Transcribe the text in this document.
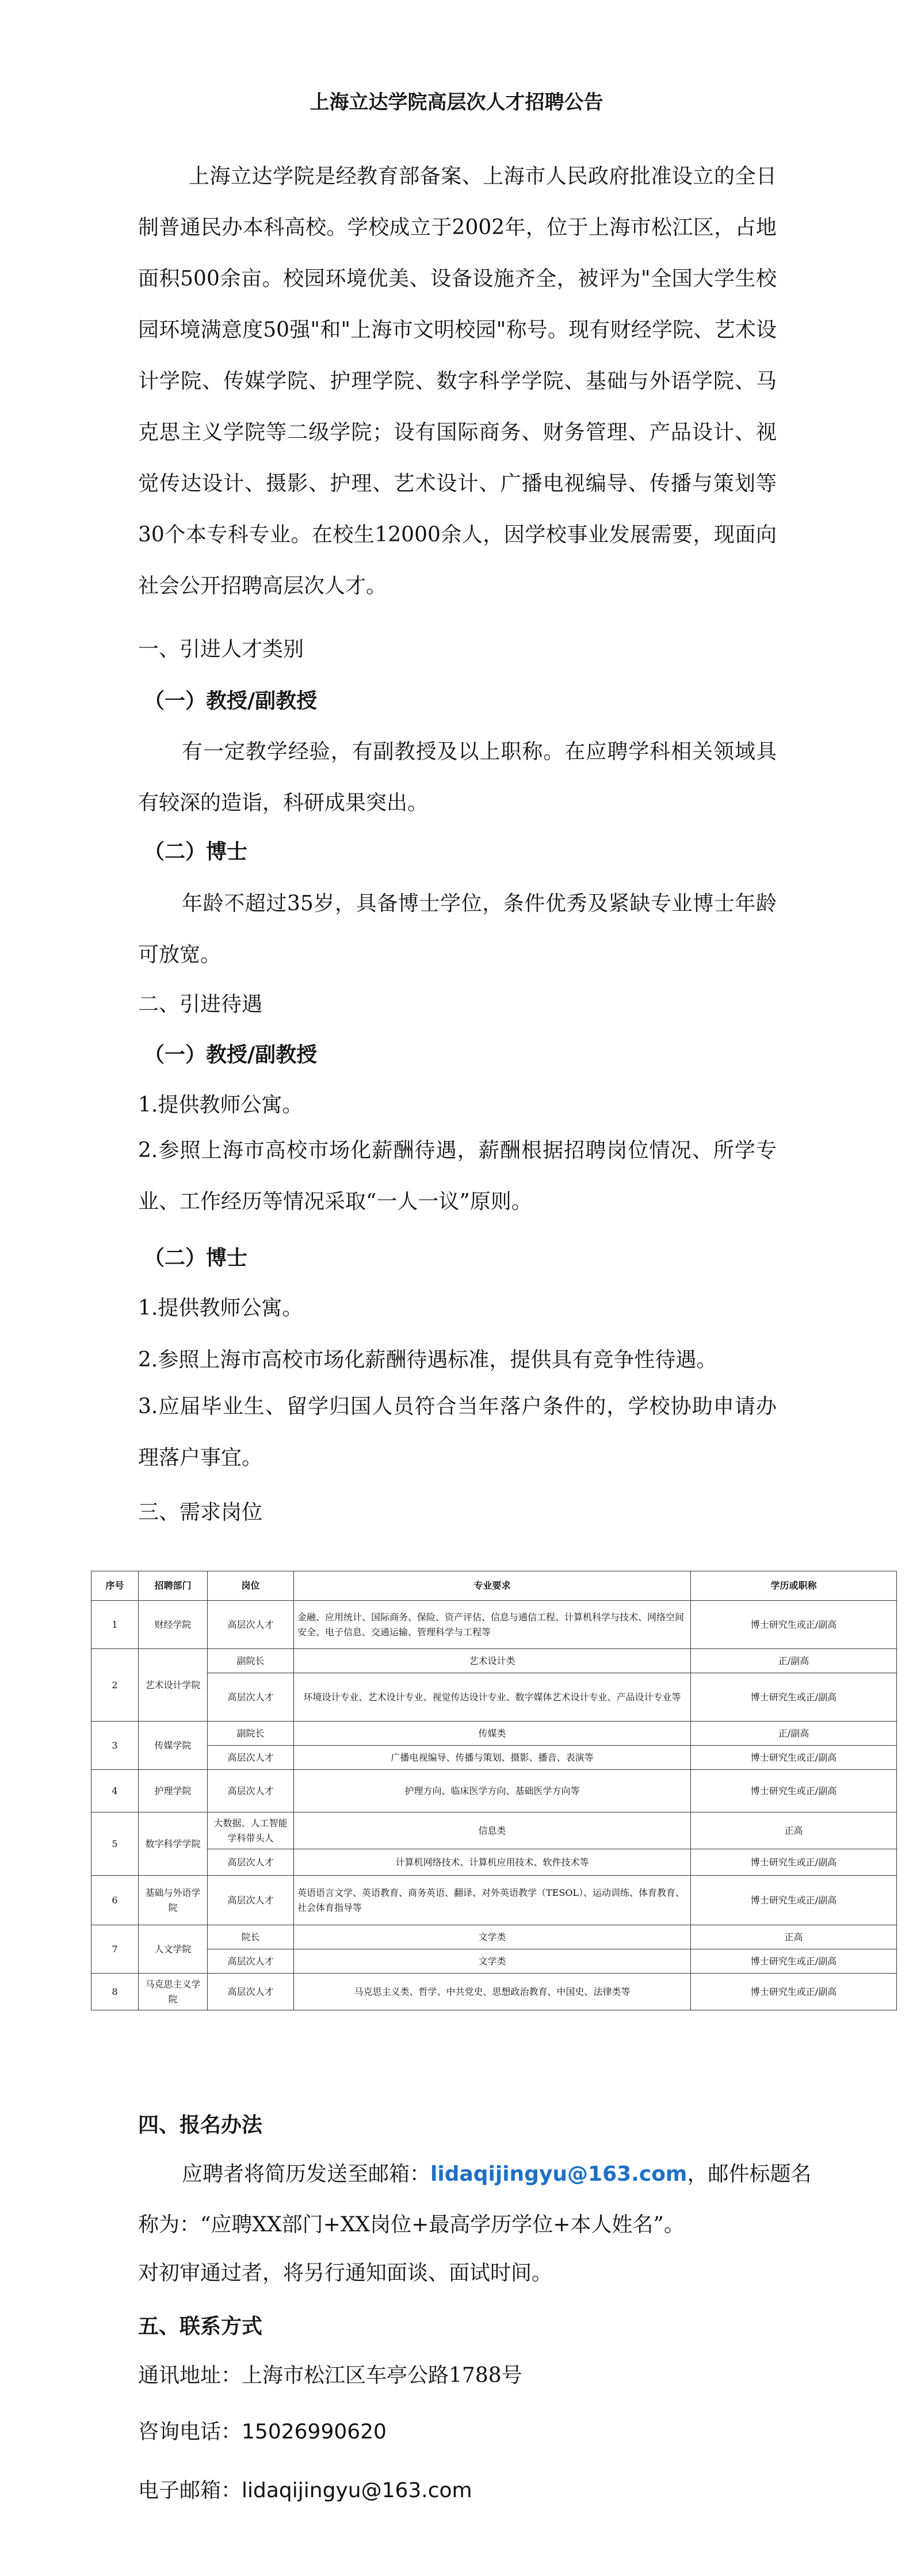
上海立达学院高层次人才招聘公告

上海立达学院是经教育部备案、上海市人民政府批准设立的全日制普通民办本科高校。学校成立于2002年，位于上海市松江区，占地面积500余亩。校园环境优美、设备设施齐全，被评为"全国大学生校园环境满意度50强"和"上海市文明校园"称号。现有财经学院、艺术设计学院、传媒学院、护理学院、数字科学学院、基础与外语学院、马克思主义学院等二级学院；设有国际商务、财务管理、产品设计、视觉传达设计、摄影、护理、艺术设计、广播电视编导、传播与策划等30个本专科专业。在校生12000余人，因学校事业发展需要，现面向社会公开招聘高层次人才。

一、引进人才类别
（一）教授/副教授

有一定教学经验，有副教授及以上职称。在应聘学科相关领域具有较深的造诣，科研成果突出。

（二）博士

年龄不超过35岁，具备博士学位，条件优秀及紧缺专业博士年龄可放宽。

二、引进待遇
（一）教授/副教授
1.提供教师公寓。

2.参照上海市高校市场化薪酬待遇，薪酬根据招聘岗位情况、所学专业、工作经历等情况采取“一人一议”原则。

（二）博士
1.提供教师公寓。
2.参照上海市高校市场化薪酬待遇标准，提供具有竞争性待遇。

3.应届毕业生、留学归国人员符合当年落户条件的，学校协助申请办理落户事宜。

三、需求岗位
序号	招聘部门	岗位	专业要求	学历或职称
1	财经学院	高层次人才	金融、应用统计、国际商务、保险、资产评估、信息与通信工程、计算机科学与技术、网络空间安全、电子信息、交通运输、管理科学与工程等	博士研究生或正/副高
2	艺术设计学院	副院长	艺术设计类	正/副高
		高层次人才	环境设计专业、艺术设计专业、视觉传达设计专业、数字媒体艺术设计专业、产品设计专业等	博士研究生或正/副高
3	传媒学院	副院长	传媒类	正/副高
		高层次人才	广播电视编导、传播与策划、摄影、播音、表演等	博士研究生或正/副高
4	护理学院	高层次人才	护理方向、临床医学方向、基础医学方向等	博士研究生或正/副高
5	数字科学学院	大数据、人工智能学科带头人	信息类	正高
		高层次人才	计算机网络技术、计算机应用技术、软件技术等	博士研究生或正/副高
6	基础与外语学院	高层次人才	英语语言文学、英语教育、商务英语、翻译、对外英语教学（TESOL）、运动训练、体育教育、社会体育指导等	博士研究生或正/副高
7	人文学院	院长	文学类	正高
		高层次人才	文学类	博士研究生或正/副高
8	马克思主义学院	高层次人才	马克思主义类、哲学、中共党史、思想政治教育、中国史、法律类等	博士研究生或正/副高
四、报名办法
应聘者将简历发送至邮箱：lidaqijingyu@163.com，邮件标题名
称为：“应聘XX部门+XX岗位+最高学历学位+本人姓名”。
对初审通过者，将另行通知面谈、面试时间。
五、联系方式
通讯地址：上海市松江区车亭公路1788号
咨询电话：15026990620
电子邮箱：lidaqijingyu@163.com
